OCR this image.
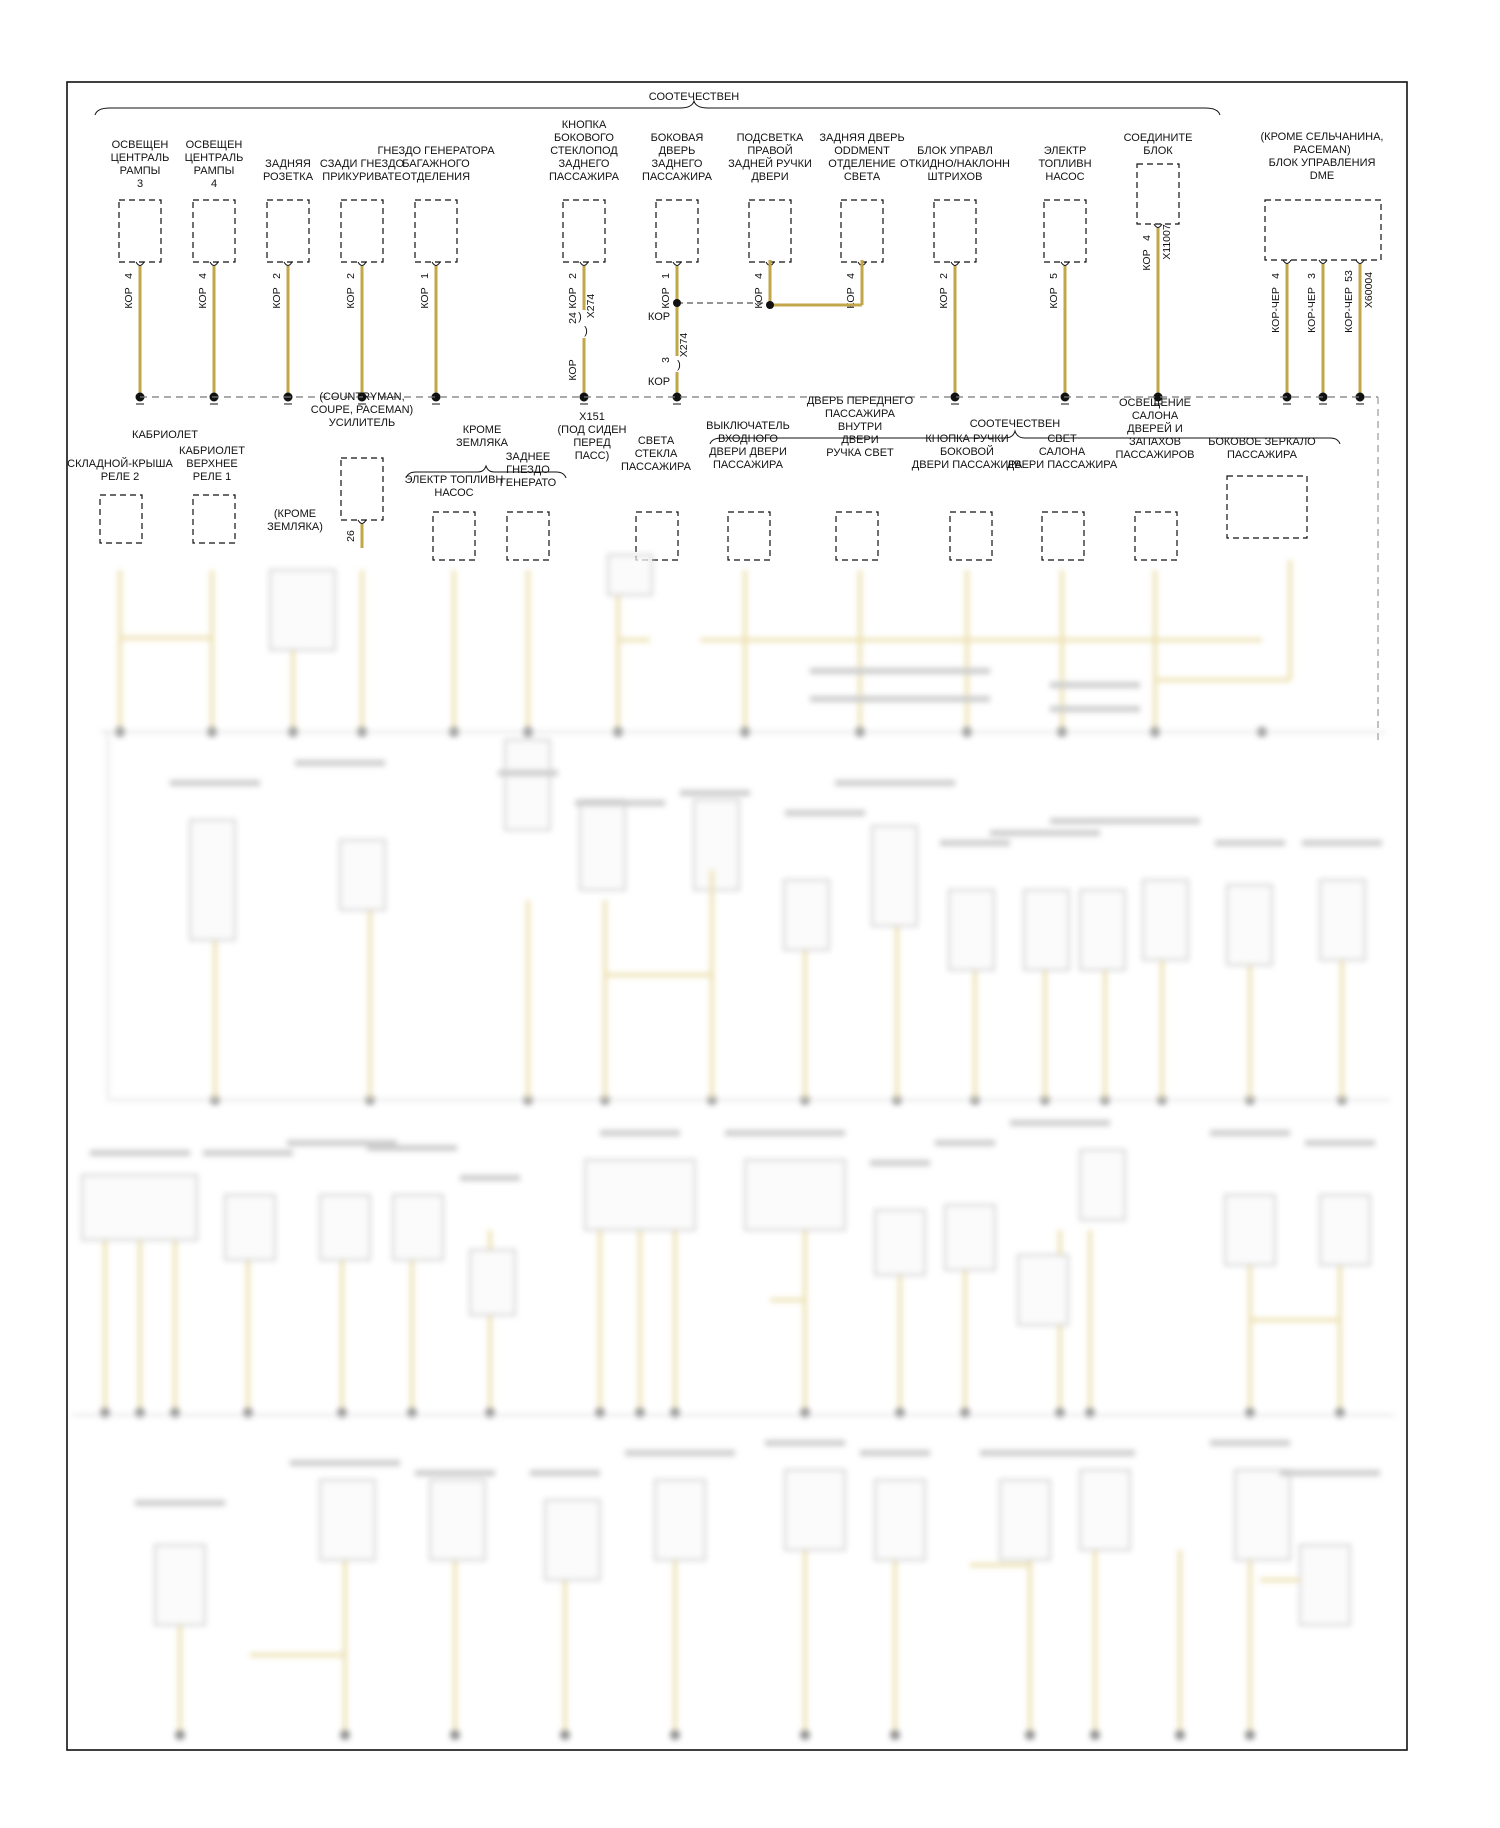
СООТЕЧЕСТВЕН
ОСВЕЩЕН
ЦЕНТРАЛЬ
РАМПЫ
3
4
КОР
ОСВЕЩЕН
ЦЕНТРАЛЬ
РАМПЫ
4
4
КОР
ЗАДНЯЯ
РОЗЕТКА
2
КОР
СЗАДИ ГНЕЗДО
ПРИКУРИВАТЕ
2
КОР
ГНЕЗДО ГЕНЕРАТОРА
БАГАЖНОГО
ОТДЕЛЕНИЯ
1
КОР
КНОПКА
БОКОВОГО
СТЕКЛОПОД
ЗАДНЕГО
ПАССАЖИРА
2
КОР
24 X274
)
)
КОР
БОКОВАЯ
ДВЕРЬ
ЗАДНЕГО
ПАССАЖИРА
1
КОР
КОР
3
X274
)
КОР
ПОДСВЕТКА
ПРАВОЙ
ЗАДНЕЙ РУЧКИ
ДВЕРИ
4
КОР
ЗАДНЯЯ ДВЕРЬ
ODDMENT
ОТДЕЛЕНИЕ
СВЕТА
4
КОР
БЛОК УПРАВЛ
ОТКИДНО/НАКЛОНН
ШТРИХОВ
2
КОР
ЭЛЕКТР
ТОПЛИВН
НАСОС
5
КОР
СОЕДИНИТЕ
БЛОК
4
КОР
X11007
(КРОМЕ СЕЛЬЧАНИНА,
PACEMAN)
БЛОК УПРАВЛЕНИЯ
DME
4
КОР-ЧЕР
3
КОР-ЧЕР
53
КОР-ЧЕР X60004
X151
(ПОД СИДЕН
ПЕРЕД
ПАСС)
СООТЕЧЕСТВЕН
КАБРИОЛЕТ
СКЛАДНОЙ-КРЫША
РЕЛЕ 2
КАБРИОЛЕТ
ВЕРХНЕЕ
РЕЛЕ 1
(КРОМЕ
ЗЕМЛЯКА)
(COUNTRYMAN,
COUPE, PACEMAN)
УСИЛИТЕЛЬ
КРОМЕ
ЗЕМЛЯКА
ЭЛЕКТР ТОПЛИВН
НАСОС
ЗАДНЕЕ
ГНЕЗДО
ГЕНЕРАТО
СВЕТА
СТЕКЛА
ПАССАЖИРА
ВЫКЛЮЧАТЕЛЬ
ВХОДНОГО
ДВЕРИ ДВЕРИ
ПАССАЖИРА
ДВЕРЬ ПЕРЕДНЕГО
ПАССАЖИРА
ВНУТРИ
ДВЕРИ
РУЧКА СВЕТ
КНОПКА РУЧКИ
БОКОВОЙ
ДВЕРИ ПАССАЖИРА
СВЕТ
САЛОНА
ДВЕРИ ПАССАЖИРА
ОСВЕЩЕНИЕ
САЛОНА
ДВЕРЕЙ И
ЗАПАХОВ
ПАССАЖИРОВ
БОКОВОЕ ЗЕРКАЛО
ПАССАЖИРА
26
